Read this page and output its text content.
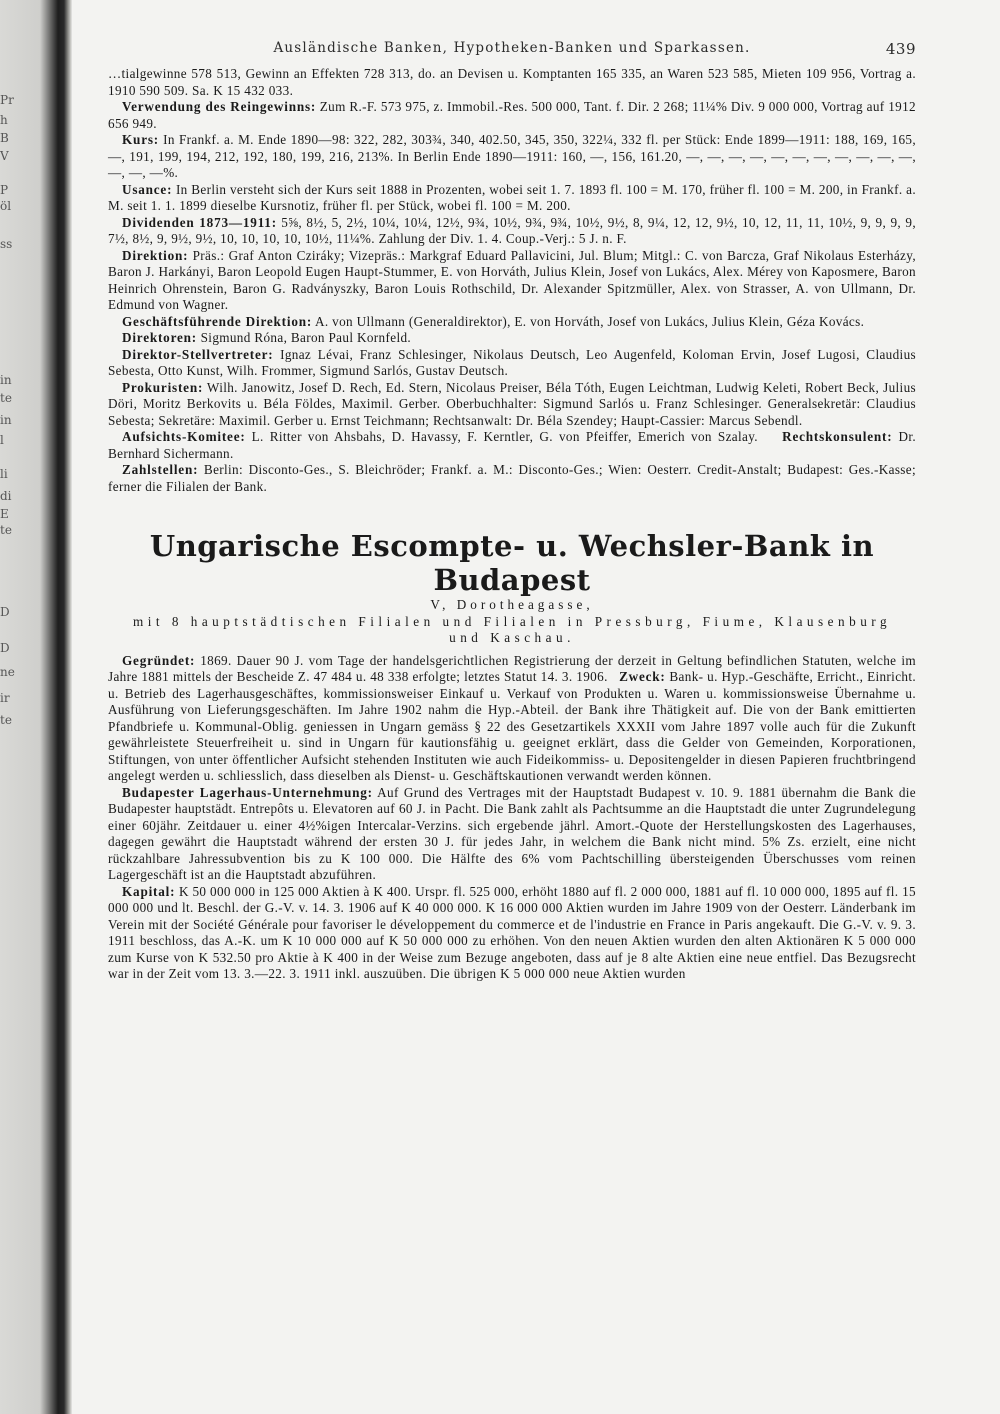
Pr
h
B
V
P
öl
ss
in
te
in
l
li
di
E
te
D
D
ne
ir
te
Ausländische Banken, Hypotheken-Banken und Sparkassen.	439

…tialgewinne 578 513, Gewinn an Effekten 728 313, do. an Devisen u. Komptanten 165 335, an Waren 523 585, Mieten 109 956, Vortrag a. 1910 590 509. Sa. K 15 432 033.

Verwendung des Reingewinns: Zum R.-F. 573 975, z. Immobil.-Res. 500 000, Tant. f. Dir. 2 268; 11¼% Div. 9 000 000, Vortrag auf 1912 656 949.

Kurs: In Frankf. a. M. Ende 1890—98: 322, 282, 303¾, 340, 402.50, 345, 350, 322¼, 332 fl. per Stück: Ende 1899—1911: 188, 169, 165, —, 191, 199, 194, 212, 192, 180, 199, 216, 213%. In Berlin Ende 1890—1911: 160, —, 156, 161.20, —, —, —, —, —, —, —, —, —, —, —, —, —, —%.

Usance: In Berlin versteht sich der Kurs seit 1888 in Prozenten, wobei seit 1. 7. 1893 fl. 100 = M. 170, früher fl. 100 = M. 200, in Frankf. a. M. seit 1. 1. 1899 dieselbe Kursnotiz, früher fl. per Stück, wobei fl. 100 = M. 200.

Dividenden 1873—1911: 5⅝, 8½, 5, 2½, 10¼, 10¼, 12½, 9¾, 10½, 9¾, 9¾, 10½, 9½, 8, 9¼, 12, 12, 9½, 10, 12, 11, 11, 10½, 9, 9, 9, 9, 7½, 8½, 9, 9½, 9½, 10, 10, 10, 10, 10½, 11¼%. Zahlung der Div. 1. 4. Coup.-Verj.: 5 J. n. F.

Direktion: Präs.: Graf Anton Cziráky; Vizepräs.: Markgraf Eduard Pallavicini, Jul. Blum; Mitgl.: C. von Barcza, Graf Nikolaus Esterházy, Baron J. Harkányi, Baron Leopold Eugen Haupt-Stummer, E. von Horváth, Julius Klein, Josef von Lukács, Alex. Mérey von Kaposmere, Baron Heinrich Ohrenstein, Baron G. Radványszky, Baron Louis Rothschild, Dr. Alexander Spitzmüller, Alex. von Strasser, A. von Ullmann, Dr. Edmund von Wagner.

Geschäftsführende Direktion: A. von Ullmann (Generaldirektor), E. von Horváth, Josef von Lukács, Julius Klein, Géza Kovács.

Direktoren: Sigmund Róna, Baron Paul Kornfeld.

Direktor-Stellvertreter: Ignaz Lévai, Franz Schlesinger, Nikolaus Deutsch, Leo Augenfeld, Koloman Ervin, Josef Lugosi, Claudius Sebesta, Otto Kunst, Wilh. Frommer, Sigmund Sarlós, Gustav Deutsch.

Prokuristen: Wilh. Janowitz, Josef D. Rech, Ed. Stern, Nicolaus Preiser, Béla Tóth, Eugen Leichtman, Ludwig Keleti, Robert Beck, Julius Döri, Moritz Berkovits u. Béla Földes, Maximil. Gerber. Oberbuchhalter: Sigmund Sarlós u. Franz Schlesinger. Generalsekretär: Claudius Sebesta; Sekretäre: Maximil. Gerber u. Ernst Teichmann; Rechtsanwalt: Dr. Béla Szendey; Haupt-Cassier: Marcus Sebendl.

Aufsichts-Komitee: L. Ritter von Ahsbahs, D. Havassy, F. Kerntler, G. von Pfeiffer, Emerich von Szalay. Rechtskonsulent: Dr. Bernhard Sichermann.

Zahlstellen: Berlin: Disconto-Ges., S. Bleichröder; Frankf. a. M.: Disconto-Ges.; Wien: Oesterr. Credit-Anstalt; Budapest: Ges.-Kasse; ferner die Filialen der Bank.

Ungarische Escompte- u. Wechsler-Bank in Budapest
V, Dorotheagasse,
mit 8 hauptstädtischen Filialen und Filialen in Pressburg, Fiume, Klausenburg und Kaschau.

Gegründet: 1869. Dauer 90 J. vom Tage der handelsgerichtlichen Registrierung der derzeit in Geltung befindlichen Statuten, welche im Jahre 1881 mittels der Bescheide Z. 47 484 u. 48 338 erfolgte; letztes Statut 14. 3. 1906. Zweck: Bank- u. Hyp.-Geschäfte, Erricht., Einricht. u. Betrieb des Lagerhausgeschäftes, kommissionsweiser Einkauf u. Verkauf von Produkten u. Waren u. kommissionsweise Übernahme u. Ausführung von Lieferungsgeschäften. Im Jahre 1902 nahm die Hyp.-Abteil. der Bank ihre Thätigkeit auf. Die von der Bank emittierten Pfandbriefe u. Kommunal-Oblig. geniessen in Ungarn gemäss § 22 des Gesetzartikels XXXII vom Jahre 1897 volle auch für die Zukunft gewährleistete Steuerfreiheit u. sind in Ungarn für kautionsfähig u. geeignet erklärt, dass die Gelder von Gemeinden, Korporationen, Stiftungen, von unter öffentlicher Aufsicht stehenden Instituten wie auch Fideikommiss- u. Depositengelder in diesen Papieren fruchtbringend angelegt werden u. schliesslich, dass dieselben als Dienst- u. Geschäftskautionen verwandt werden können.

Budapester Lagerhaus-Unternehmung: Auf Grund des Vertrages mit der Hauptstadt Budapest v. 10. 9. 1881 übernahm die Bank die Budapester hauptstädt. Entrepôts u. Elevatoren auf 60 J. in Pacht. Die Bank zahlt als Pachtsumme an die Hauptstadt die unter Zugrundelegung einer 60jähr. Zeitdauer u. einer 4½%igen Intercalar-Verzins. sich ergebende jährl. Amort.-Quote der Herstellungskosten des Lagerhauses, dagegen gewährt die Hauptstadt während der ersten 30 J. für jedes Jahr, in welchem die Bank nicht mind. 5% Zs. erzielt, eine nicht rückzahlbare Jahressubvention bis zu K 100 000. Die Hälfte des 6% vom Pachtschilling übersteigenden Überschusses vom reinen Lagergeschäft ist an die Hauptstadt abzuführen.

Kapital: K 50 000 000 in 125 000 Aktien à K 400. Urspr. fl. 525 000, erhöht 1880 auf fl. 2 000 000, 1881 auf fl. 10 000 000, 1895 auf fl. 15 000 000 und lt. Beschl. der G.-V. v. 14. 3. 1906 auf K 40 000 000. K 16 000 000 Aktien wurden im Jahre 1909 von der Oesterr. Länderbank im Verein mit der Société Générale pour favoriser le développement du commerce et de l'industrie en France in Paris angekauft. Die G.-V. v. 9. 3. 1911 beschloss, das A.-K. um K 10 000 000 auf K 50 000 000 zu erhöhen. Von den neuen Aktien wurden den alten Aktionären K 5 000 000 zum Kurse von K 532.50 pro Aktie à K 400 in der Weise zum Bezuge angeboten, dass auf je 8 alte Aktien eine neue entfiel. Das Bezugsrecht war in der Zeit vom 13. 3.—22. 3. 1911 inkl. auszuüben. Die übrigen K 5 000 000 neue Aktien wurden
